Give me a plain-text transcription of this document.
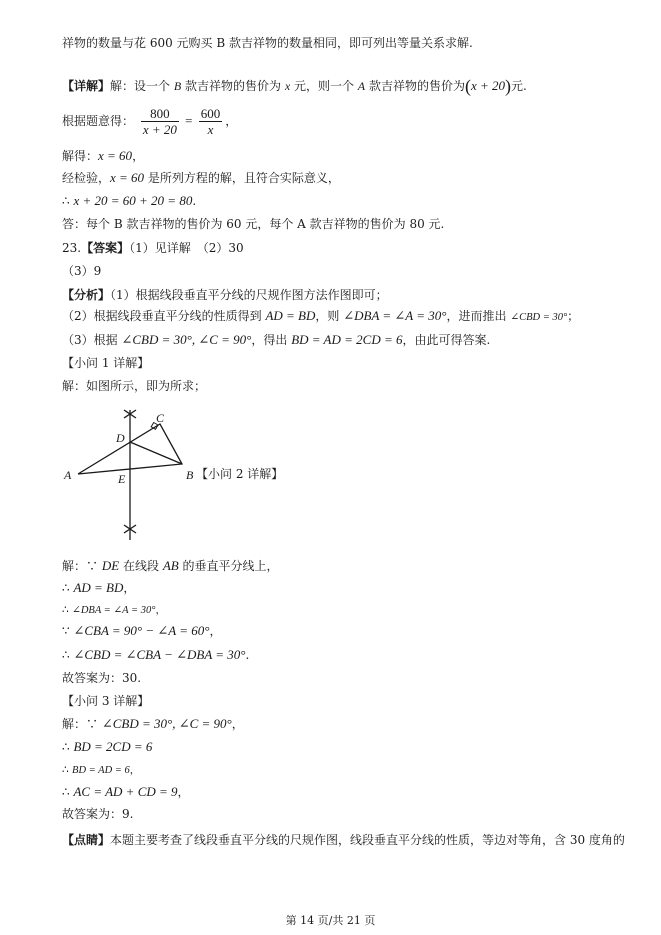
祥物的数量与花 600 元购买 B 款吉祥物的数量相同，即可列出等量关系求解.
【详解】解：设一个 B 款吉祥物的售价为 x 元，则一个 A 款吉祥物的售价为(x + 20)元.
根据题意得： $\frac{800}{x + 20} = \frac{600}{x}$ ，
解得：x = 60，
经检验，x = 60 是所列方程的解，且符合实际意义，
∴ x + 20 = 60 + 20 = 80.
答：每个 B 款吉祥物的售价为 60 元，每个 A 款吉祥物的售价为 80 元.
23.【答案】（1）见详解　（2）30
（3）9
【分析】（1）根据线段垂直平分线的尺规作图方法作图即可；
（2）根据线段垂直平分线的性质得到 AD = BD，则 ∠DBA = ∠A = 30°，进而推出 ∠CBD = 30°；
（3）根据 ∠CBD = 30°, ∠C = 90°，得出 BD = AD = 2CD = 6，由此可得答案.
【小问 1 详解】
解：如图所示，即为所求；
A	B
C
D
E	【小问 2 详解】
解：∵ DE 在线段 AB 的垂直平分线上，
∴ AD = BD，
∴ ∠DBA = ∠A = 30°，
∵ ∠CBA = 90° − ∠A = 60°，
∴ ∠CBD = ∠CBA − ∠DBA = 30°.
故答案为：30.
【小问 3 详解】
解：∵ ∠CBD = 30°, ∠C = 90°，
∴ BD = 2CD = 6
∴ BD = AD = 6，
∴ AC = AD + CD = 9，
故答案为：9.
【点睛】本题主要考查了线段垂直平分线的尺规作图，线段垂直平分线的性质，等边对等角，含 30 度角的
第 14 页/共 21 页
